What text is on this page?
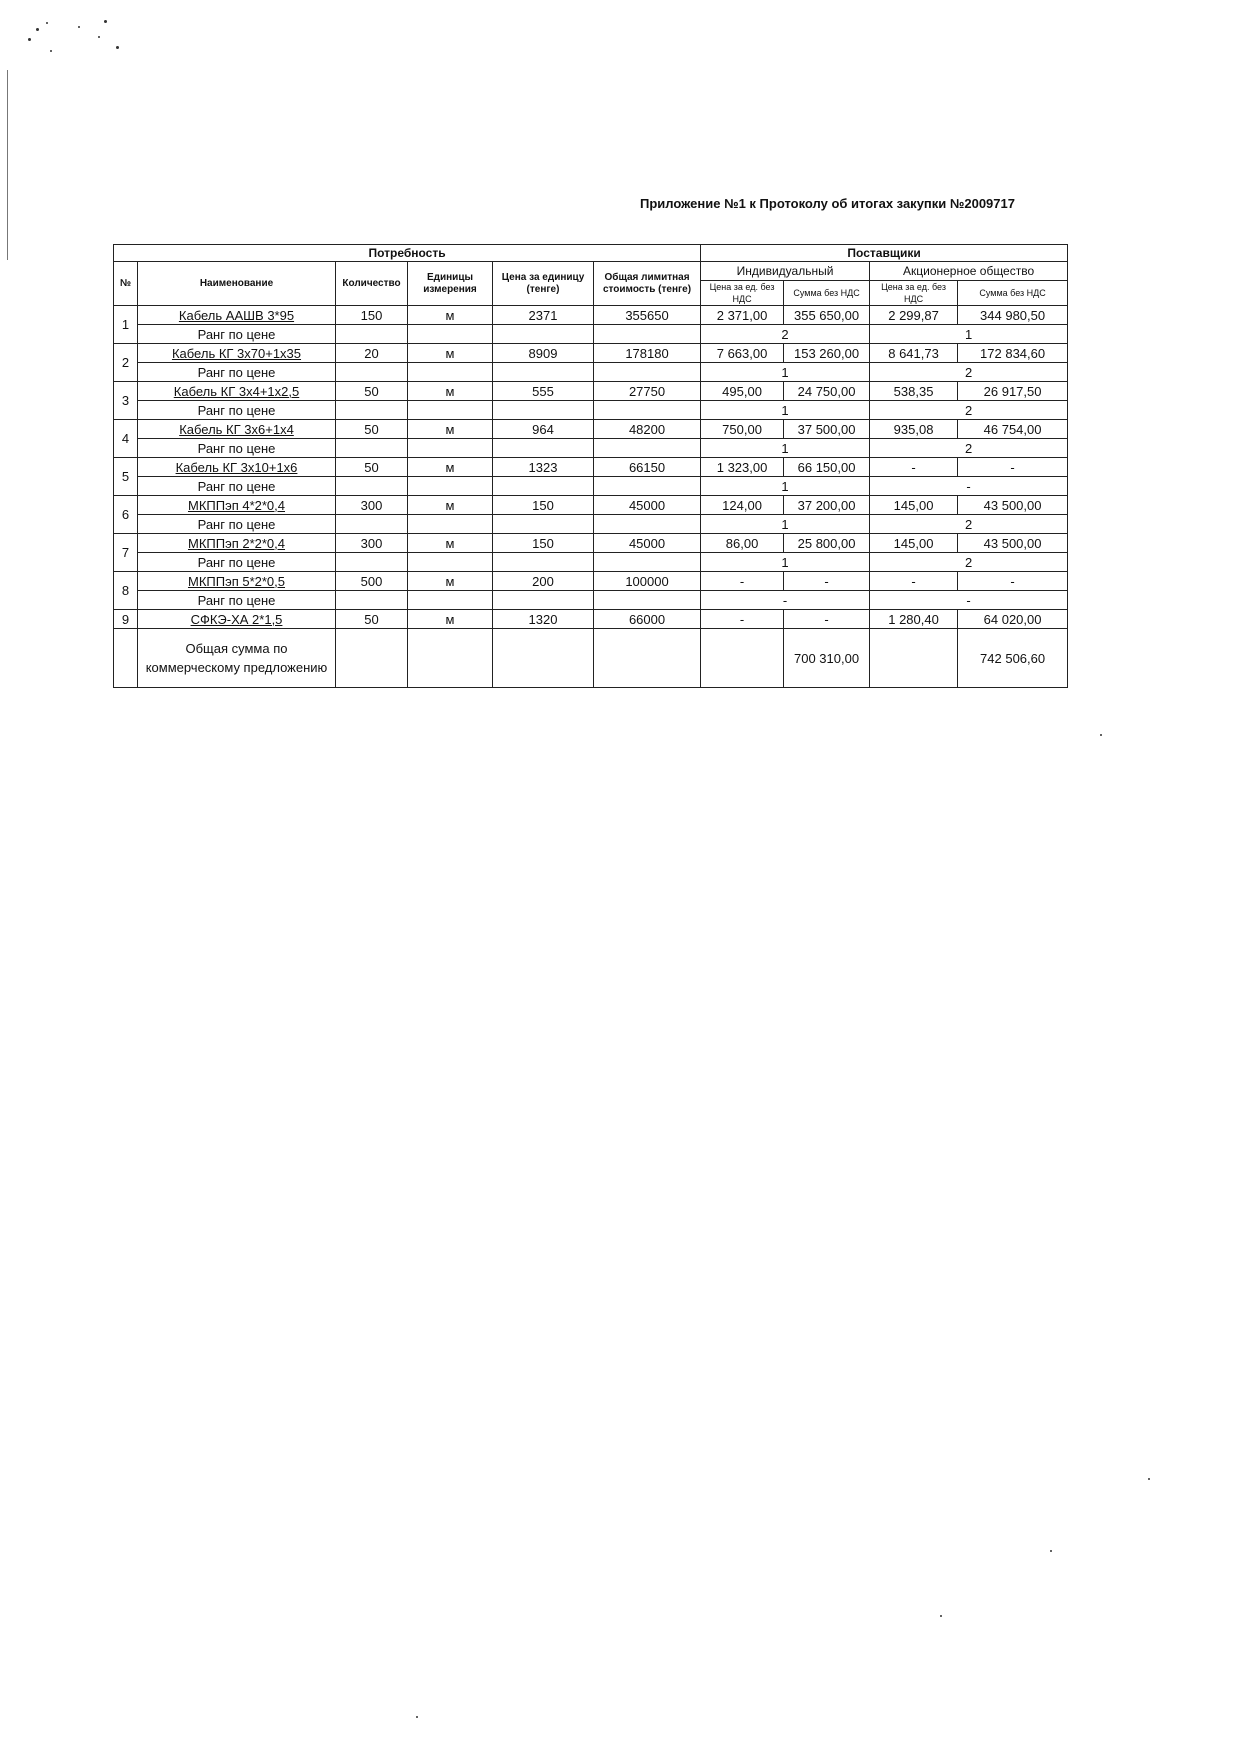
Приложение №1 к Протоколу об итогах закупки №2009717
Потребность						Поставщики			
№	Наименование	Количество	Единицы измерения	Цена за единицу (тенге)	Общая лимитная стоимость (тенге)	Индивидуальный		Акционерное общество	
						Цена за ед. без НДС	Сумма без НДС	Цена за ед. без НДС	Сумма без НДС
1	Кабель ААШВ 3*95	150	м	2371	355650	2 371,00	355 650,00	2 299,87	344 980,50
	Ранг по цене					2		1	
2	Кабель КГ 3х70+1х35	20	м	8909	178180	7 663,00	153 260,00	8 641,73	172 834,60
	Ранг по цене					1		2	
3	Кабель КГ 3х4+1х2,5	50	м	555	27750	495,00	24 750,00	538,35	26 917,50
	Ранг по цене					1		2	
4	Кабель КГ 3х6+1х4	50	м	964	48200	750,00	37 500,00	935,08	46 754,00
	Ранг по цене					1		2	
5	Кабель КГ 3х10+1х6	50	м	1323	66150	1 323,00	66 150,00	-	-
	Ранг по цене					1		-	
6	МКППэп 4*2*0,4	300	м	150	45000	124,00	37 200,00	145,00	43 500,00
	Ранг по цене					1		2	
7	МКППэп 2*2*0,4	300	м	150	45000	86,00	25 800,00	145,00	43 500,00
	Ранг по цене					1		2	
8	МКППэп 5*2*0,5	500	м	200	100000	-	-	-	-
	Ранг по цене					-		-	
9	СФКЭ-ХА 2*1,5	50	м	1320	66000	-	-	1 280,40	64 020,00
	Общая сумма по коммерческому предложению						700 310,00		742 506,60
